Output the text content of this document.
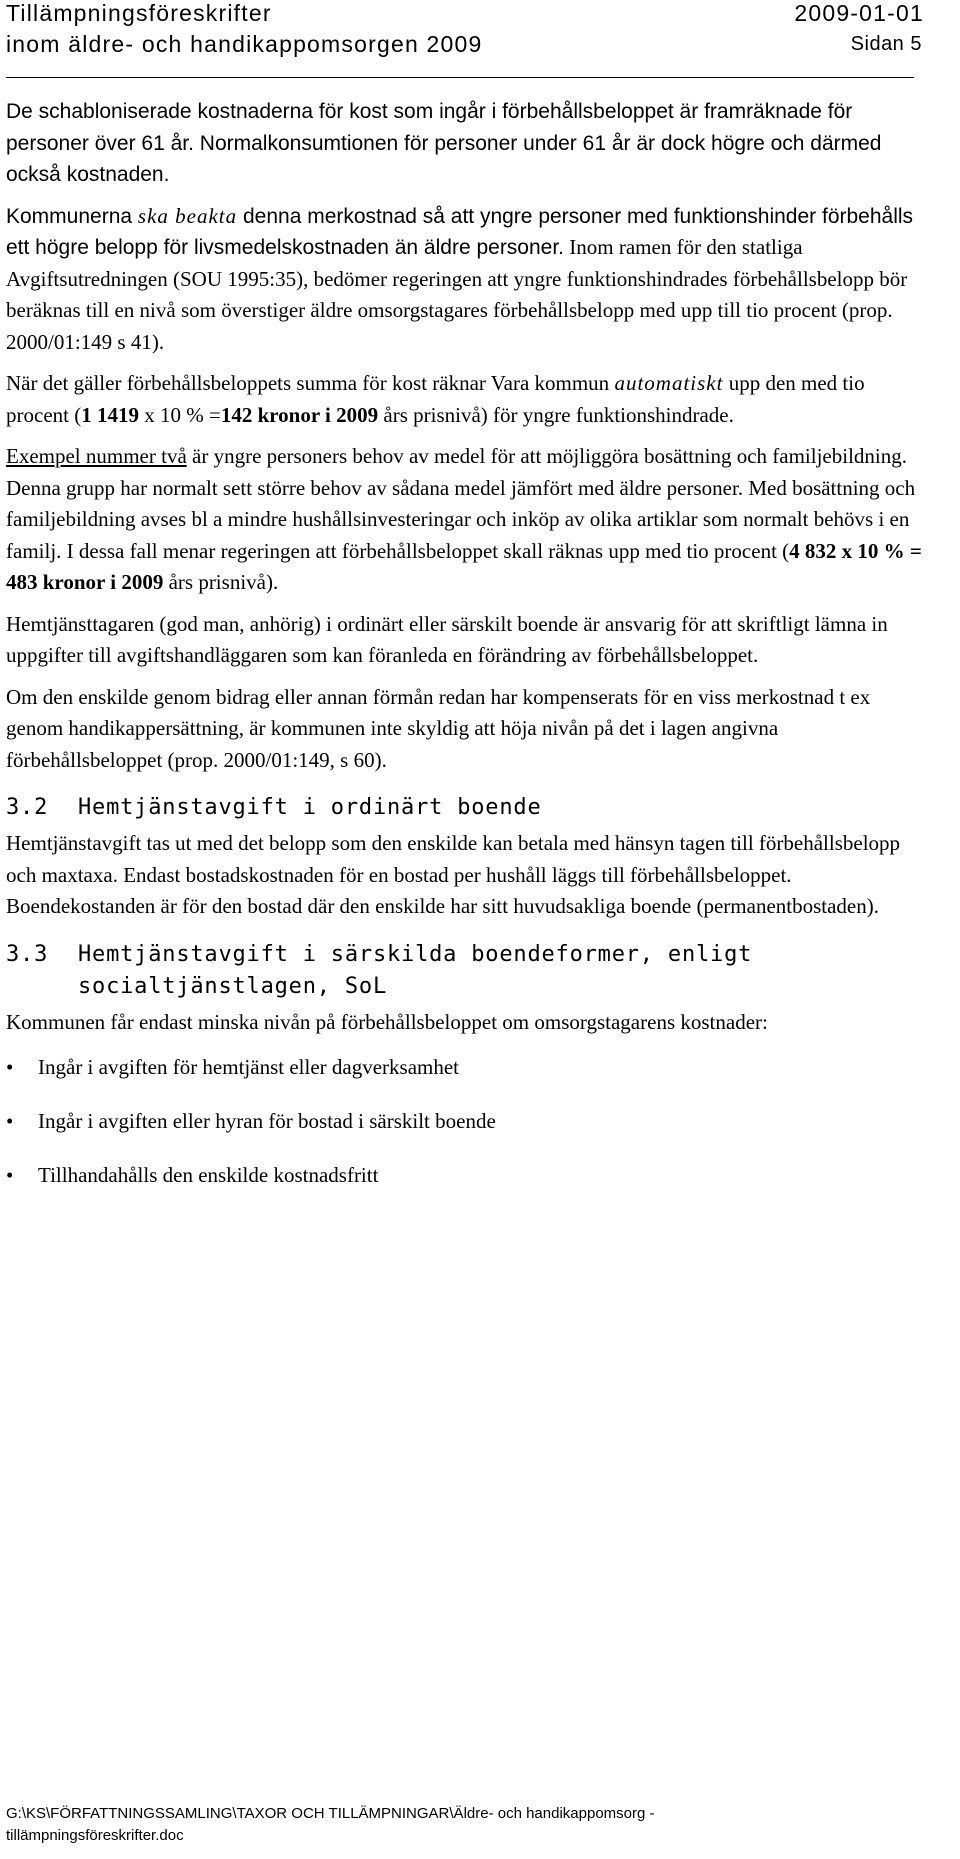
Tillämpningsföreskrifter	2009-01-01
inom äldre- och handikappomsorgen 2009	Sidan 5

De schabloniserade kostnaderna för kost som ingår i förbehållsbeloppet är framräknade för personer över 61 år. Normalkonsumtionen för personer under 61 år är dock högre och därmed också kostnaden.

Kommunerna ska beakta denna merkostnad så att yngre personer med funktionshinder förbehålls ett högre belopp för livsmedelskostnaden än äldre personer. Inom ramen för den statliga Avgiftsutredningen (SOU 1995:35), bedömer regeringen att yngre funktionshindrades förbehållsbelopp bör beräknas till en nivå som överstiger äldre omsorgstagares förbehållsbelopp med upp till tio procent (prop. 2000/01:149 s 41).

När det gäller förbehållsbeloppets summa för kost räknar Vara kommun automatiskt upp den med tio procent (1 1419 x 10 % =142 kronor i 2009 års prisnivå) för yngre funktionshindrade.

Exempel nummer två är yngre personers behov av medel för att möjliggöra bosättning och familjebildning. Denna grupp har normalt sett större behov av sådana medel jämfört med äldre personer. Med bosättning och familjebildning avses bl a mindre hushållsinvesteringar och inköp av olika artiklar som normalt behövs i en familj. I dessa fall menar regeringen att förbehållsbeloppet skall räknas upp med tio procent (4 832 x 10 % = 483 kronor i 2009 års prisnivå).

Hemtjänsttagaren (god man, anhörig) i ordinärt eller särskilt boende är ansvarig för att skriftligt lämna in uppgifter till avgiftshandläggaren som kan föranleda en förändring av förbehållsbeloppet.

Om den enskilde genom bidrag eller annan förmån redan har kompenserats för en viss merkostnad t ex genom handikappersättning, är kommunen inte skyldig att höja nivån på det i lagen angivna förbehållsbeloppet (prop. 2000/01:149, s 60).

3.2 Hemtjänstavgift i ordinärt boende

Hemtjänstavgift tas ut med det belopp som den enskilde kan betala med hänsyn tagen till förbehållsbelopp och maxtaxa. Endast bostadskostnaden för en bostad per hushåll läggs till förbehållsbeloppet. Boendekostanden är för den bostad där den enskilde har sitt huvudsakliga boende (permanentbostaden).

3.3 Hemtjänstavgift i särskilda boendeformer, enligt
socialtjänstlagen, SoL

Kommunen får endast minska nivån på förbehållsbeloppet om omsorgstagarens kostnader:

• Ingår i avgiften för hemtjänst eller dagverksamhet
• Ingår i avgiften eller hyran för bostad i särskilt boende
• Tillhandahålls den enskilde kostnadsfritt
G:\KS\FÖRFATTNINGSSAMLING\TAXOR OCH TILLÄMPNINGAR\Äldre- och handikappomsorg -
tillämpningsföreskrifter.doc
